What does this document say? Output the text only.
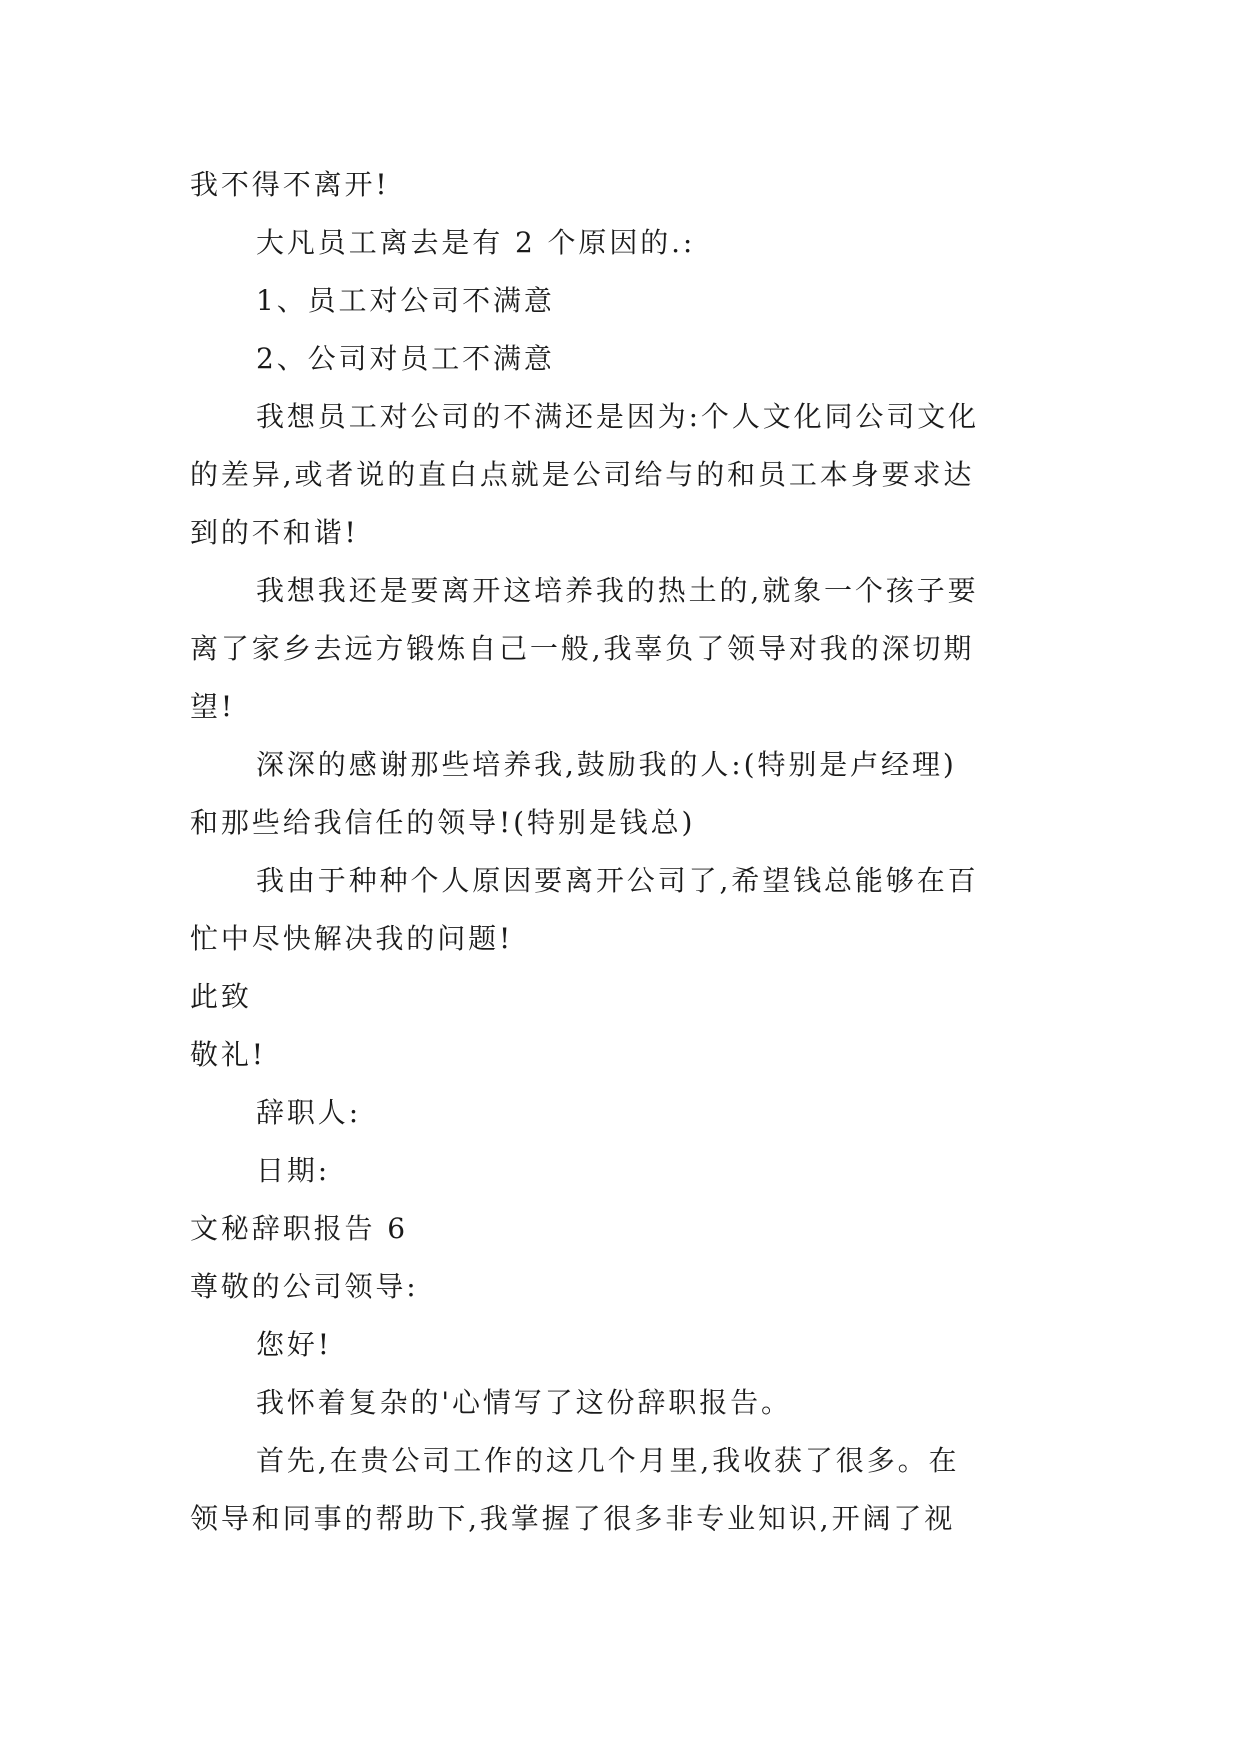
我不得不离开!

大凡员工离去是有 2 个原因的.:

1、员工对公司不满意

2、公司对员工不满意

我想员工对公司的不满还是因为:个人文化同公司文化

的差异,或者说的直白点就是公司给与的和员工本身要求达

到的不和谐!

我想我还是要离开这培养我的热土的,就象一个孩子要

离了家乡去远方锻炼自己一般,我辜负了领导对我的深切期

望!

深深的感谢那些培养我,鼓励我的人:(特别是卢经理)

和那些给我信任的领导!(特别是钱总)

我由于种种个人原因要离开公司了,希望钱总能够在百

忙中尽快解决我的问题!

此致

敬礼!

辞职人:

日期:

文秘辞职报告 6

尊敬的公司领导:

您好!

我怀着复杂的'心情写了这份辞职报告。

首先,在贵公司工作的这几个月里,我收获了很多。在

领导和同事的帮助下,我掌握了很多非专业知识,开阔了视
